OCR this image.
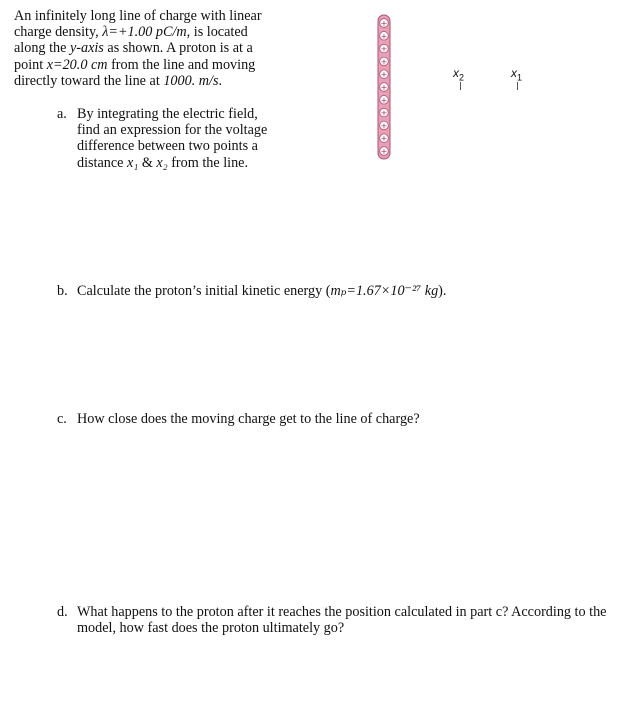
An infinitely long line of charge with linear

charge density, λ=+1.00 pC/m, is located

along the y-axis as shown. A proton is at a

point x=20.0 cm from the line and moving

directly toward the line at 1000. m/s.

+
+
+
+
+
+
+
+
+
+
+
$x_2$	$x_1$
a. By integrating the electric field,
find an expression for the voltage
difference between two points a
distance x₁ & x₂ from the line.
b. Calculate the proton’s initial kinetic energy (mₚ=1.67×10⁻²⁷ kg).
c. How close does the moving charge get to the line of charge?
d. What happens to the proton after it reaches the position calculated in part c? According to the
model, how fast does the proton ultimately go?
